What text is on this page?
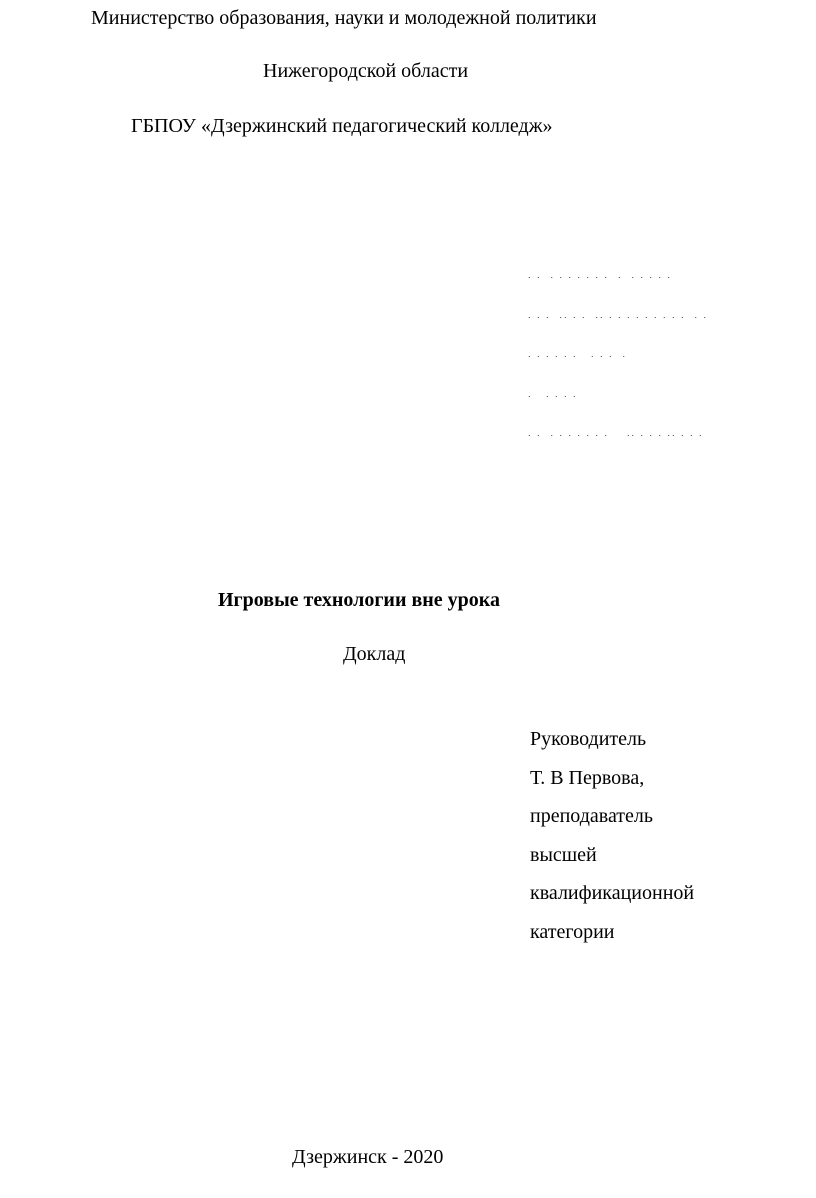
Министерство образования, науки и молодежной политики
Нижегородской области
ГБПОУ «Дзержинский педагогический колледж»
. .  . . . . . . .  .  . . . . .
. . .  .. . .  .. . . . . . . . . .  . .
. . . . . .   . . .  .
.   . . . .
. .  . . . . . . .    .. . . . .. . . .
Игровые технологии вне урока
Доклад
Руководитель
Т. В Первова,
преподаватель
высшей
квалификационной
категории
Дзержинск - 2020
